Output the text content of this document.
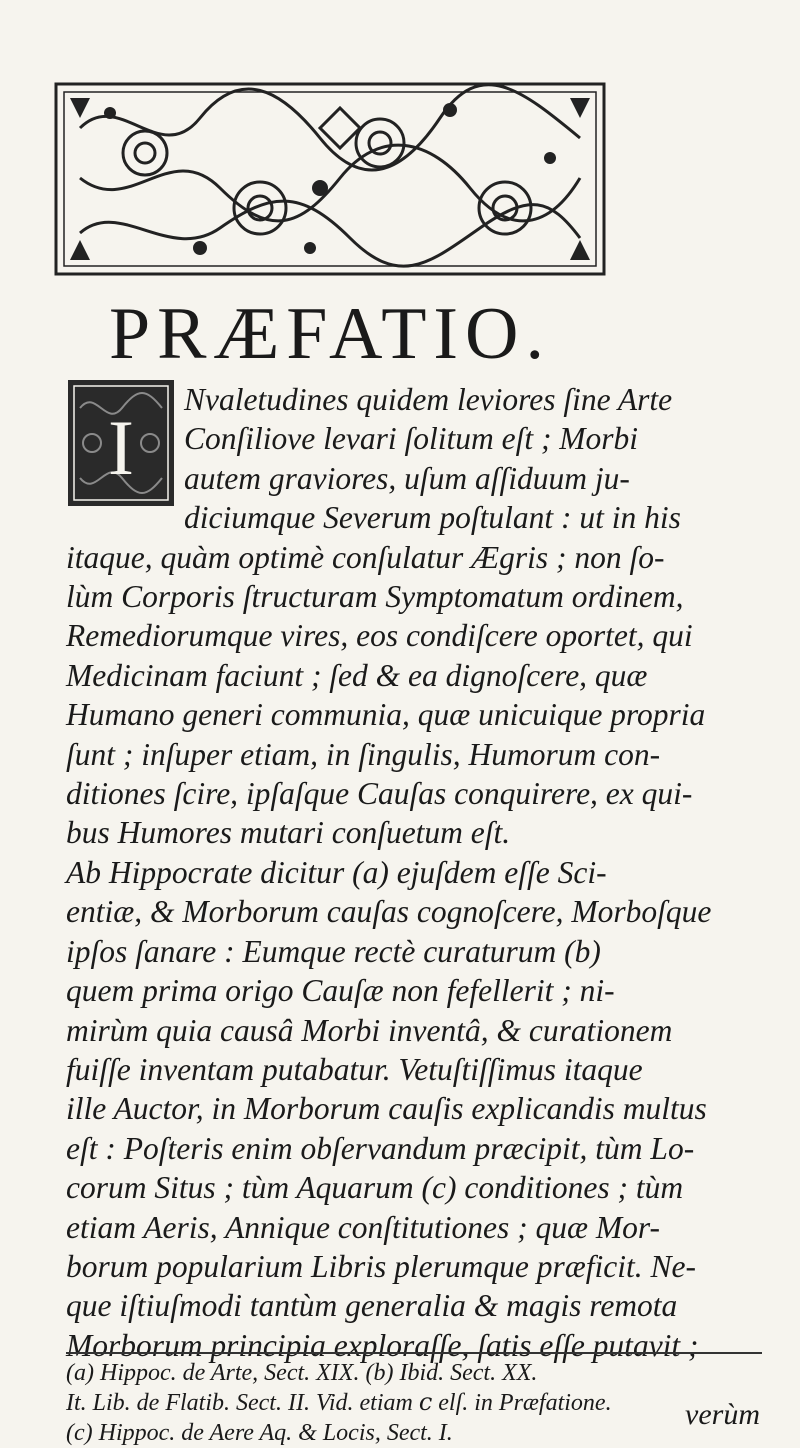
PRÆFATIO.
I

Nvaletudines quidem leviores ſine Arte
Conſiliove levari ſolitum eſt ; Morbi
autem graviores, uſum aſſiduum ju-
diciumque Severum poſtulant : ut in his
itaque, quàm optimè conſulatur Ægris ; non ſo-
lùm Corporis ſtructuram Symptomatum ordinem,
Remediorumque vires, eos condiſcere oportet, qui
Medicinam faciunt ; ſed & ea dignoſcere, quæ
Humano generi communia, quæ unicuique propria
ſunt ; inſuper etiam, in ſingulis, Humorum con-
ditiones ſcire, ipſaſque Cauſas conquirere, ex qui-
bus Humores mutari conſuetum eſt.
Ab Hippocrate dicitur (a) ejuſdem eſſe Sci-
entiæ, & Morborum cauſas cognoſcere, Morboſque
ipſos ſanare : Eumque rectè curaturum (b)
quem prima origo Cauſæ non fefellerit ; ni-
mirùm quia causâ Morbi inventâ, & curationem
fuiſſe inventam putabatur. Vetuſtiſſimus itaque
ille Auctor, in Morborum cauſis explicandis multus
eſt : Poſteris enim obſervandum præcipit, tùm Lo-
corum Situs ; tùm Aquarum (c) conditiones ; tùm
etiam Aeris, Annique conſtitutiones ; quæ Mor-
borum popularium Libris plerumque præficit. Ne-
que iſtiuſmodi tantùm generalia & magis remota
Morborum principia exploraſſe, ſatis eſſe putavit ;

(a) Hippoc. de Arte, Sect. XIX. (b) Ibid. Sect. XX.
It. Lib. de Flatib. Sect. II. Vid. etiam ⅽ elſ. in Præfatione.
(c) Hippoc. de Aere Aq. & Locis, Sect. I.
verùm
